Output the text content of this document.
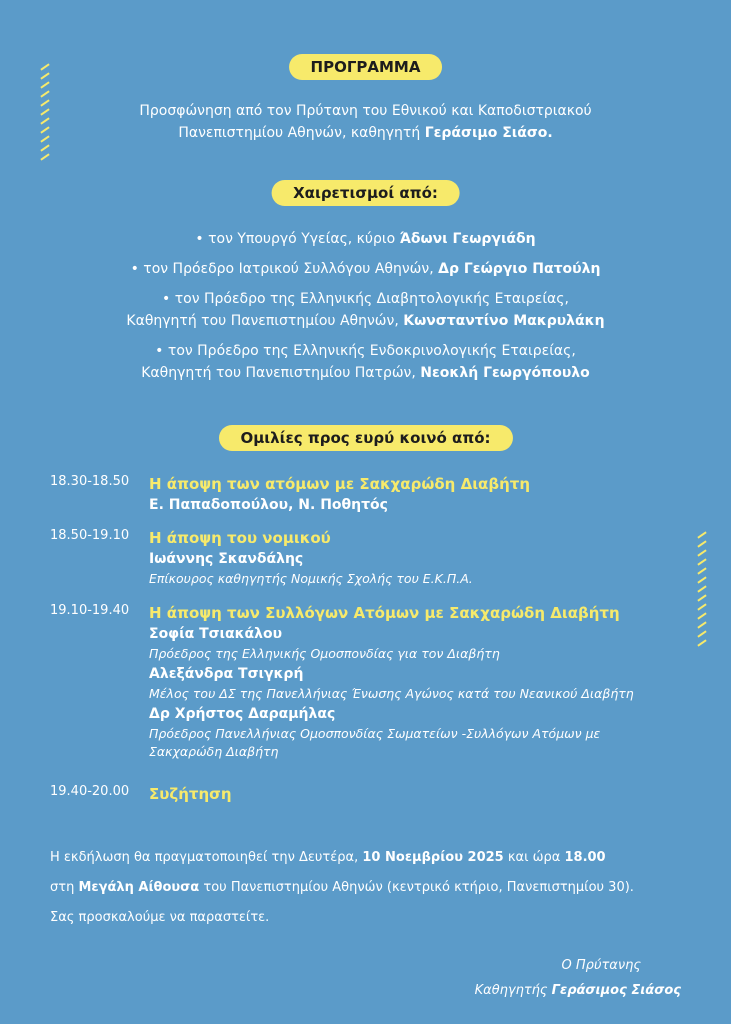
ΠΡΟΓΡΑΜΜΑ
Προσφώνηση από τον Πρύτανη του Εθνικού και Καποδιστριακού
Πανεπιστημίου Αθηνών, καθηγητή Γεράσιμο Σιάσο.
Χαιρετισμοί από:
• τον Υπουργό Υγείας, κύριο Άδωνι Γεωργιάδη
• τον Πρόεδρο Ιατρικού Συλλόγου Αθηνών, Δρ Γεώργιο Πατούλη
• τον Πρόεδρο της Ελληνικής Διαβητολογικής Εταιρείας,
Καθηγητή του Πανεπιστημίου Αθηνών, Κωνσταντίνο Μακρυλάκη
• τον Πρόεδρο της Ελληνικής Ενδοκρινολογικής Εταιρείας,
Καθηγητή του Πανεπιστημίου Πατρών, Νεοκλή Γεωργόπουλο
Ομιλίες προς ευρύ κοινό από:
18.30-18.50 Η άποψη των ατόμων με Σακχαρώδη Διαβήτη
Ε. Παπαδοπούλου, Ν. Ποθητός
18.50-19.10 Η άποψη του νομικού
Ιωάννης Σκανδάλης
Επίκουρος καθηγητής Νομικής Σχολής του Ε.Κ.Π.Α.
19.10-19.40 Η άποψη των Συλλόγων Ατόμων με Σακχαρώδη Διαβήτη
Σοφία Τσιακάλου
Πρόεδρος της Ελληνικής Ομοσπονδίας για τον Διαβήτη
Αλεξάνδρα Τσιγκρή
Μέλος του ΔΣ της Πανελλήνιας Ένωσης Αγώνος κατά του Νεανικού Διαβήτη
Δρ Χρήστος Δαραμήλας
Πρόεδρος Πανελλήνιας Ομοσπονδίας Σωματείων -Συλλόγων Ατόμων με
Σακχαρώδη Διαβήτη
19.40-20.00 Συζήτηση
Η εκδήλωση θα πραγματοποιηθεί την Δευτέρα, 10 Νοεμβρίου 2025 και ώρα 18.00
στη Μεγάλη Αίθουσα του Πανεπιστημίου Αθηνών (κεντρικό κτήριο, Πανεπιστημίου 30).
Σας προσκαλούμε να παραστείτε.
Ο Πρύτανης
Καθηγητής Γεράσιμος Σιάσος
